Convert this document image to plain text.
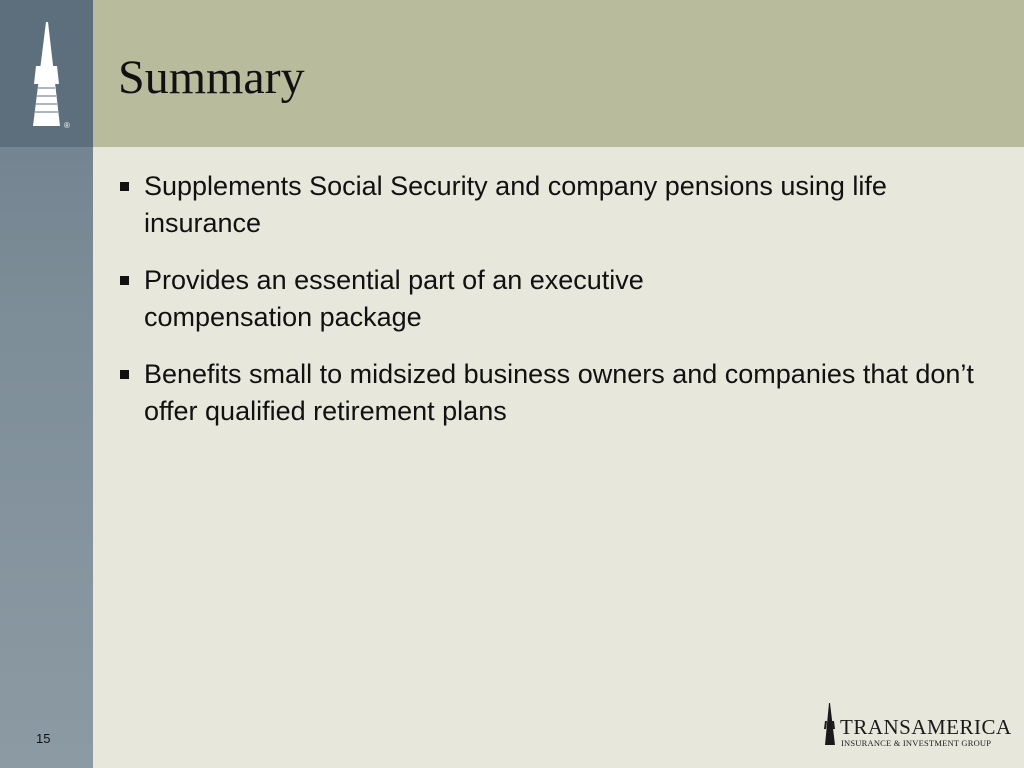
®
Summary
Supplements Social Security and company pensions using life insurance
Provides an essential part of an executive compensation package
Benefits small to midsized business owners and companies that don’t offer qualified retirement plans
15	TRANSAMERICA
INSURANCE & INVESTMENT GROUP
